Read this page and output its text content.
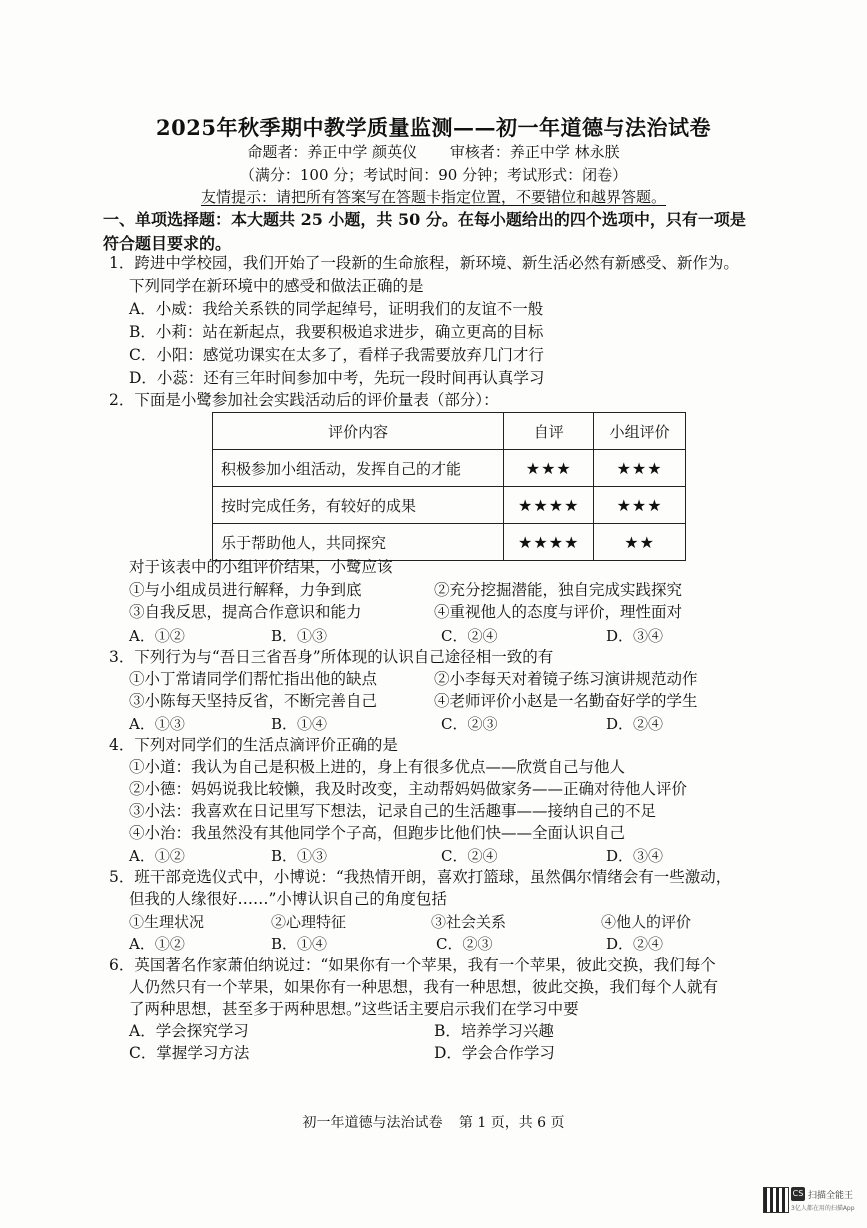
2025年秋季期中教学质量监测——初一年道德与法治试卷
命题者：养正中学 颜英仪 审核者：养正中学 林永朕
（满分：100 分；考试时间：90 分钟；考试形式：闭卷）
友情提示：请把所有答案写在答题卡指定位置，不要错位和越界答题。
一、单项选择题：本大题共 25 小题，共 50 分。在每小题给出的四个选项中，只有一项是
符合题目要求的。
1．跨进中学校园，我们开始了一段新的生命旅程，新环境、新生活必然有新感受、新作为。
下列同学在新环境中的感受和做法正确的是
A．小威：我给关系铁的同学起绰号，证明我们的友谊不一般
B．小莉：站在新起点，我要积极追求进步，确立更高的目标
C．小阳：感觉功课实在太多了，看样子我需要放弃几门才行
D．小蕊：还有三年时间参加中考，先玩一段时间再认真学习
2．下面是小鹭参加社会实践活动后的评价量表（部分）：
评价内容	自评	小组评价
积极参加小组活动，发挥自己的才能	★★★	★★★
按时完成任务，有较好的成果	★★★★	★★★
乐于帮助他人，共同探究	★★★★	★★
对于该表中的小组评价结果，小鹭应该
①与小组成员进行解释，力争到底	②充分挖掘潜能，独自完成实践探究
③自我反思，提高合作意识和能力	④重视他人的态度与评价，理性面对
A．①②	B．①③	C．②④	D．③④
3．下列行为与“吾日三省吾身”所体现的认识自己途径相一致的有
①小丁常请同学们帮忙指出他的缺点	②小李每天对着镜子练习演讲规范动作
③小陈每天坚持反省，不断完善自己	④老师评价小赵是一名勤奋好学的学生
A．①③	B．①④	C．②③	D．②④
4．下列对同学们的生活点滴评价正确的是
①小道：我认为自己是积极上进的，身上有很多优点——欣赏自己与他人
②小德：妈妈说我比较懒，我及时改变，主动帮妈妈做家务——正确对待他人评价
③小法：我喜欢在日记里写下想法，记录自己的生活趣事——接纳自己的不足
④小治：我虽然没有其他同学个子高，但跑步比他们快——全面认识自己
A．①②	B．①③	C．②④	D．③④
5．班干部竞选仪式中，小博说：“我热情开朗，喜欢打篮球，虽然偶尔情绪会有一些激动，
但我的人缘很好……”小博认识自己的角度包括
①生理状况	②心理特征	③社会关系	④他人的评价
A．①②	B．①④	C．②③	D．②④
6．英国著名作家萧伯纳说过：“如果你有一个苹果，我有一个苹果，彼此交换，我们每个
人仍然只有一个苹果，如果你有一种思想，我有一种思想，彼此交换，我们每个人就有
了两种思想，甚至多于两种思想。”这些话主要启示我们在学习中要
A．学会探究学习	B．培养学习兴趣
C．掌握学习方法	D．学会合作学习
初一年道德与法治试卷 第 1 页，共 6 页
CS 扫描全能王
3亿人都在用的扫描App
